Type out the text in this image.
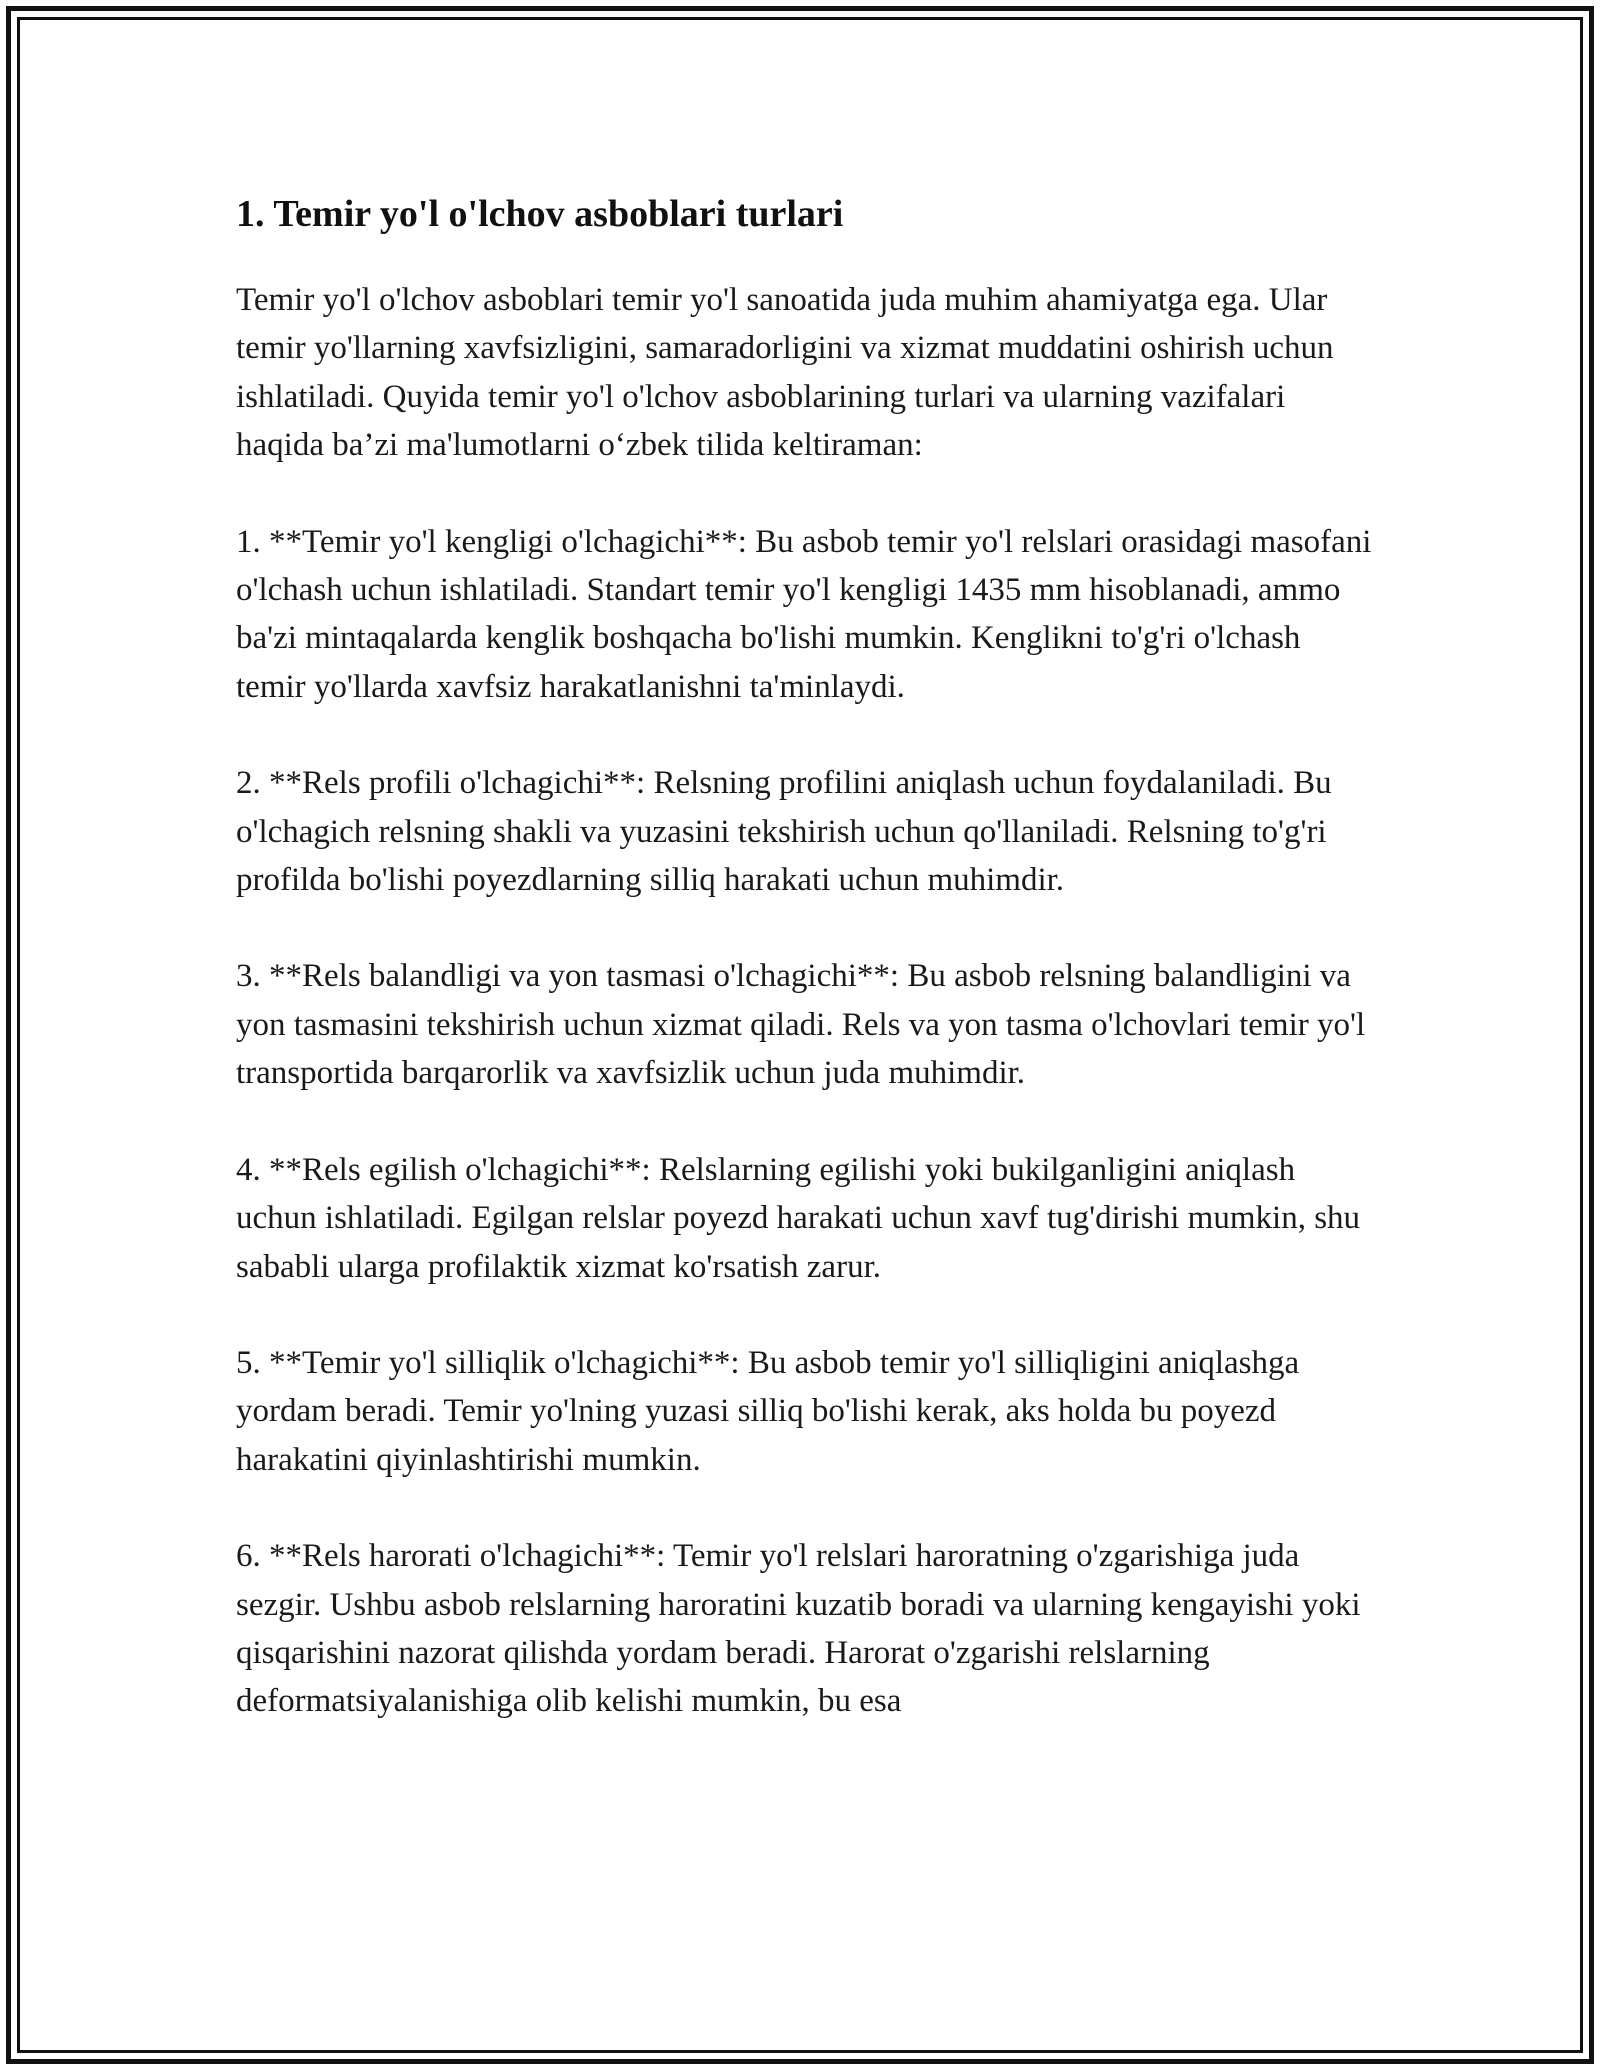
1. Temir yo'l o'lchov asboblari turlari

Temir yo'l o'lchov asboblari temir yo'l sanoatida juda muhim ahamiyatga ega. Ular temir yo'llarning xavfsizligini, samaradorligini va xizmat muddatini oshirish uchun ishlatiladi. Quyida temir yo'l o'lchov asboblarining turlari va ularning vazifalari haqida ba’zi ma'lumotlarni o‘zbek tilida keltiraman:

1. **Temir yo'l kengligi o'lchagichi**: Bu asbob temir yo'l relslari orasidagi masofani o'lchash uchun ishlatiladi. Standart temir yo'l kengligi 1435 mm hisoblanadi, ammo ba'zi mintaqalarda kenglik boshqacha bo'lishi mumkin. Kenglikni to'g'ri o'lchash temir yo'llarda xavfsiz harakatlanishni ta'minlaydi.

2. **Rels profili o'lchagichi**: Relsning profilini aniqlash uchun foydalaniladi. Bu o'lchagich relsning shakli va yuzasini tekshirish uchun qo'llaniladi. Relsning to'g'ri profilda bo'lishi poyezdlarning silliq harakati uchun muhimdir.

3. **Rels balandligi va yon tasmasi o'lchagichi**: Bu asbob relsning balandligini va yon tasmasini tekshirish uchun xizmat qiladi. Rels va yon tasma o'lchovlari temir yo'l transportida barqarorlik va xavfsizlik uchun juda muhimdir.

4. **Rels egilish o'lchagichi**: Relslarning egilishi yoki bukilganligini aniqlash uchun ishlatiladi. Egilgan relslar poyezd harakati uchun xavf tug'dirishi mumkin, shu sababli ularga profilaktik xizmat ko'rsatish zarur.

5. **Temir yo'l silliqlik o'lchagichi**: Bu asbob temir yo'l silliqligini aniqlashga yordam beradi. Temir yo'lning yuzasi silliq bo'lishi kerak, aks holda bu poyezd harakatini qiyinlashtirishi mumkin.

6. **Rels harorati o'lchagichi**: Temir yo'l relslari haroratning o'zgarishiga juda sezgir. Ushbu asbob relslarning haroratini kuzatib boradi va ularning kengayishi yoki qisqarishini nazorat qilishda yordam beradi. Harorat o'zgarishi relslarning deformatsiyalanishiga olib kelishi mumkin, bu esa
